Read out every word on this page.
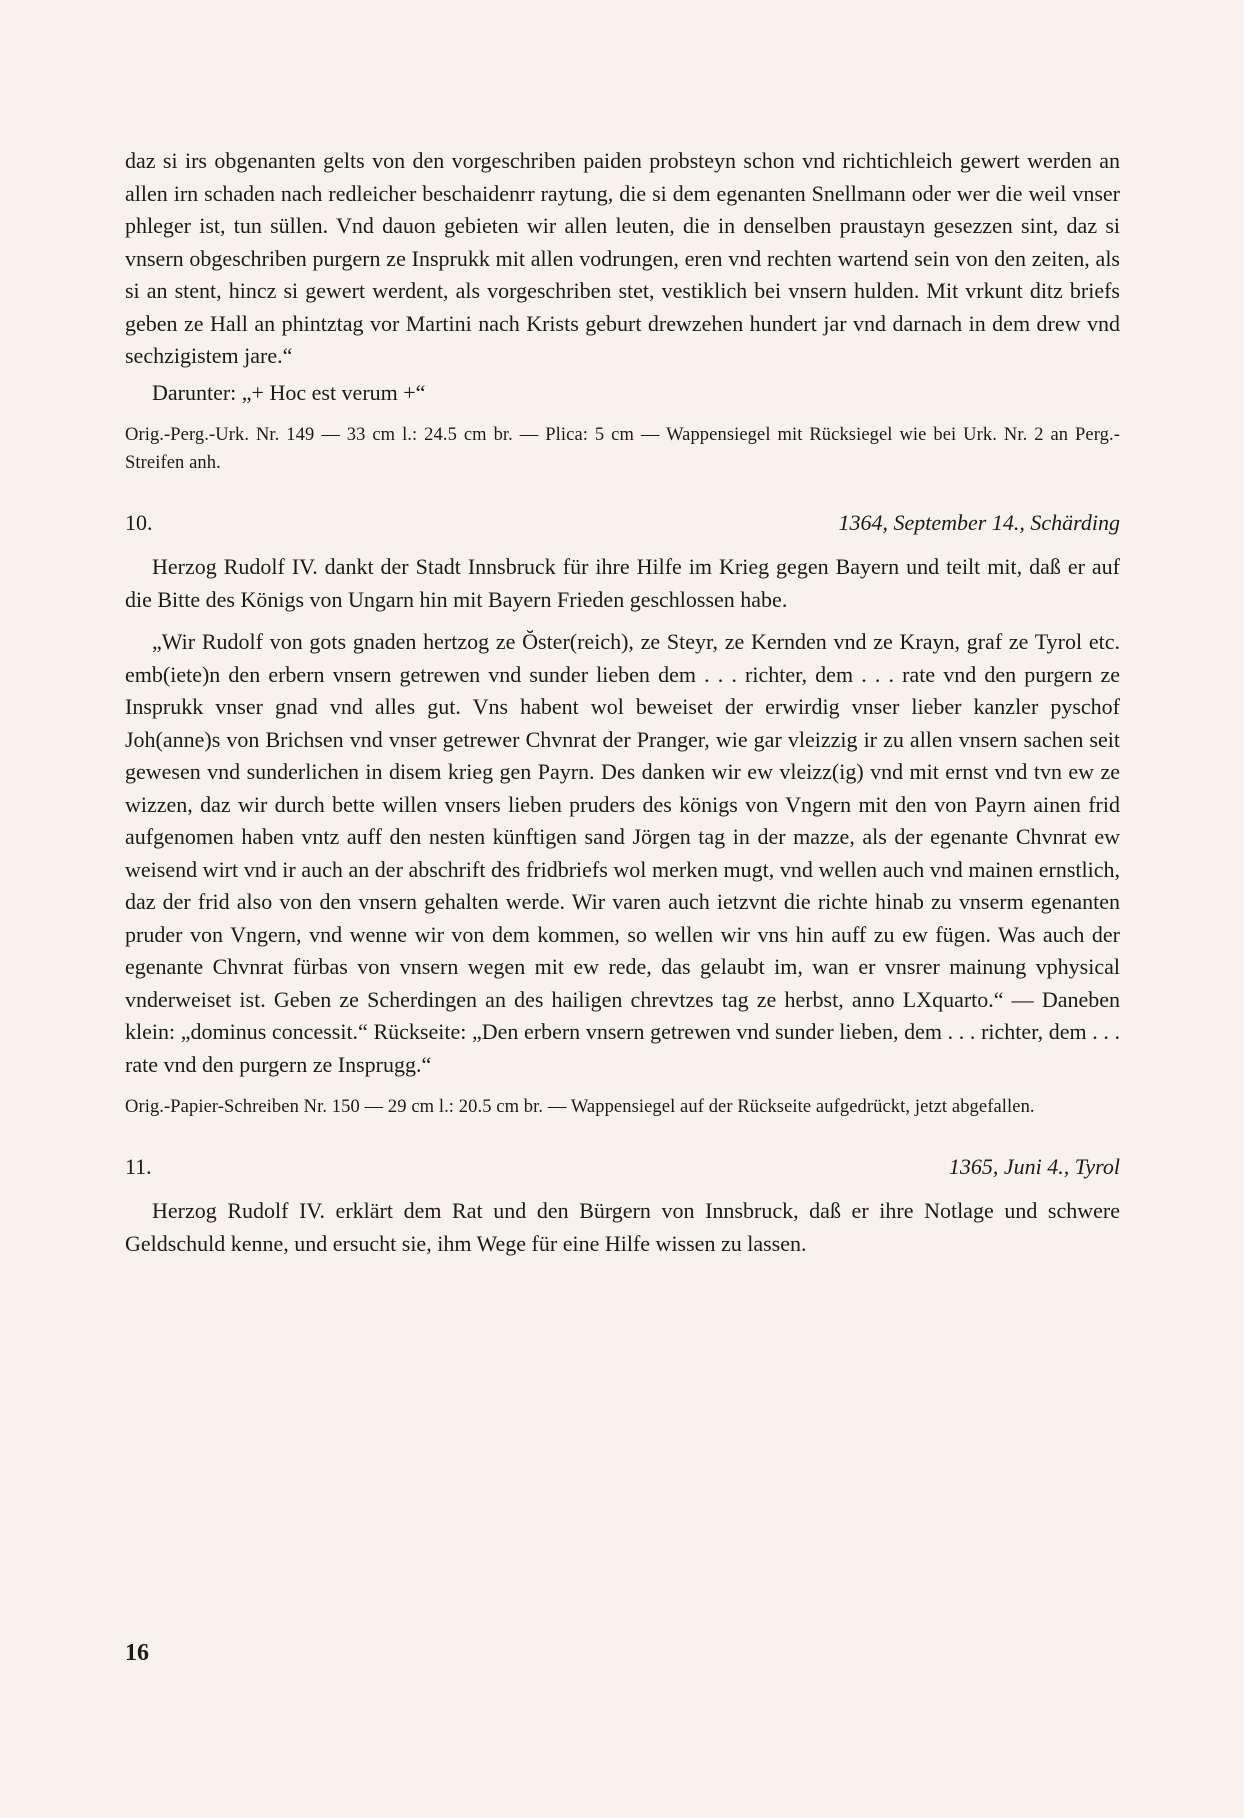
daz si irs obgenanten gelts von den vorgeschriben paiden probsteyn schon vnd richtichleich gewert werden an allen irn schaden nach redleicher beschaidenrr raytung, die si dem egenanten Snellmann oder wer die weil vnser phleger ist, tun süllen. Vnd dauon gebieten wir allen leuten, die in denselben praustayn gesezzen sint, daz si vnsern obgeschriben purgern ze Insprukk mit allen vodrungen, eren vnd rechten wartend sein von den zeiten, als si an stent, hincz si gewert werdent, als vorgeschriben stet, vestiklich bei vnsern hulden. Mit vrkunt ditz briefs geben ze Hall an phintztag vor Martini nach Krists geburt drewzehen hundert jar vnd darnach in dem drew vnd sechzigistem jare.“

Darunter: „+ Hoc est verum +“

Orig.-Perg.-Urk. Nr. 149 — 33 cm l.: 24.5 cm br. — Plica: 5 cm — Wappensiegel mit Rücksiegel wie bei Urk. Nr. 2 an Perg.-Streifen anh.

10.	1364, September 14., Schärding

Herzog Rudolf IV. dankt der Stadt Innsbruck für ihre Hilfe im Krieg gegen Bayern und teilt mit, daß er auf die Bitte des Königs von Ungarn hin mit Bayern Frieden geschlossen habe.

„Wir Rudolf von gots gnaden hertzog ze Ŏster(reich), ze Steyr, ze Kernden vnd ze Krayn, graf ze Tyrol etc. emb(iete)n den erbern vnsern getrewen vnd sunder lieben dem . . . richter, dem . . . rate vnd den purgern ze Insprukk vnser gnad vnd alles gut. Vns habent wol beweiset der erwirdig vnser lieber kanzler pyschof Joh(anne)s von Brichsen vnd vnser getrewer Chvnrat der Pranger, wie gar vleizzig ir zu allen vnsern sachen seit gewesen vnd sunderlichen in disem krieg gen Payrn. Des danken wir ew vleizz(ig) vnd mit ernst vnd tvn ew ze wizzen, daz wir durch bette willen vnsers lieben pruders des königs von Vngern mit den von Payrn ainen frid aufgenomen haben vntz auff den nesten künftigen sand Jörgen tag in der mazze, als der egenante Chvnrat ew weisend wirt vnd ir auch an der abschrift des fridbriefs wol merken mugt, vnd wellen auch vnd mainen ernstlich, daz der frid also von den vnsern gehalten werde. Wir varen auch ietzvnt die richte hinab zu vnserm egenanten pruder von Vngern, vnd wenne wir von dem kommen, so wellen wir vns hin auff zu ew fügen. Was auch der egenante Chvnrat fürbas von vnsern wegen mit ew rede, das gelaubt im, wan er vnsrer mainung vphysical vnderweiset ist. Geben ze Scherdingen an des hailigen chrevtzes tag ze herbst, anno LXquarto.“ — Daneben klein: „dominus concessit.“ Rückseite: „Den erbern vnsern getrewen vnd sunder lieben, dem . . . richter, dem . . . rate vnd den purgern ze Insprugg.“

Orig.-Papier-Schreiben Nr. 150 — 29 cm l.: 20.5 cm br. — Wappensiegel auf der Rückseite aufgedrückt, jetzt abgefallen.

11.	1365, Juni 4., Tyrol

Herzog Rudolf IV. erklärt dem Rat und den Bürgern von Innsbruck, daß er ihre Notlage und schwere Geldschuld kenne, und ersucht sie, ihm Wege für eine Hilfe wissen zu lassen.

16
